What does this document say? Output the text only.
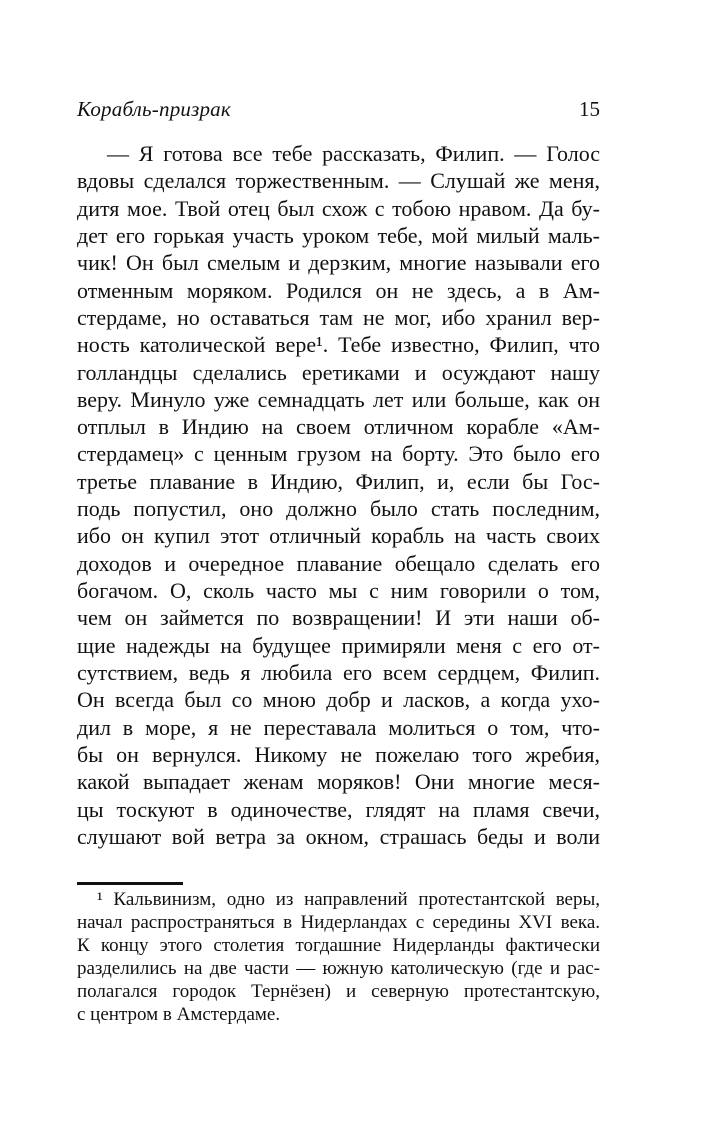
Корабль-призрак	15
— Я готова все тебе рассказать, Филип. — Голос
вдовы сделался торжественным. — Слушай же меня,
дитя мое. Твой отец был схож с тобою нравом. Да бу-
дет его горькая участь уроком тебе, мой милый маль-
чик! Он был смелым и дерзким, многие называли его
отменным моряком. Родился он не здесь, а в Ам-
стердаме, но оставаться там не мог, ибо хранил вер-
ность католической вере¹. Тебе известно, Филип, что
голландцы сделались еретиками и осуждают нашу
веру. Минуло уже семнадцать лет или больше, как он
отплыл в Индию на своем отличном корабле «Ам-
стердамец» с ценным грузом на борту. Это было его
третье плавание в Индию, Филип, и, если бы Гос-
подь попустил, оно должно было стать последним,
ибо он купил этот отличный корабль на часть своих
доходов и очередное плавание обещало сделать его
богачом. О, сколь часто мы с ним говорили о том,
чем он займется по возвращении! И эти наши об-
щие надежды на будущее примиряли меня с его от-
сутствием, ведь я любила его всем сердцем, Филип.
Он всегда был со мною добр и ласков, а когда ухо-
дил в море, я не переставала молиться о том, что-
бы он вернулся. Никому не пожелаю того жребия,
какой выпадает женам моряков! Они многие меся-
цы тоскуют в одиночестве, глядят на пламя свечи,
слушают вой ветра за окном, страшась беды и воли
¹ Кальвинизм, одно из направлений протестантской веры,
начал распространяться в Нидерландах с середины XVI века.
К концу этого столетия тогдашние Нидерланды фактически
разделились на две части — южную католическую (где и рас-
полагался городок Тернёзен) и северную протестантскую,
с центром в Амстердаме.
